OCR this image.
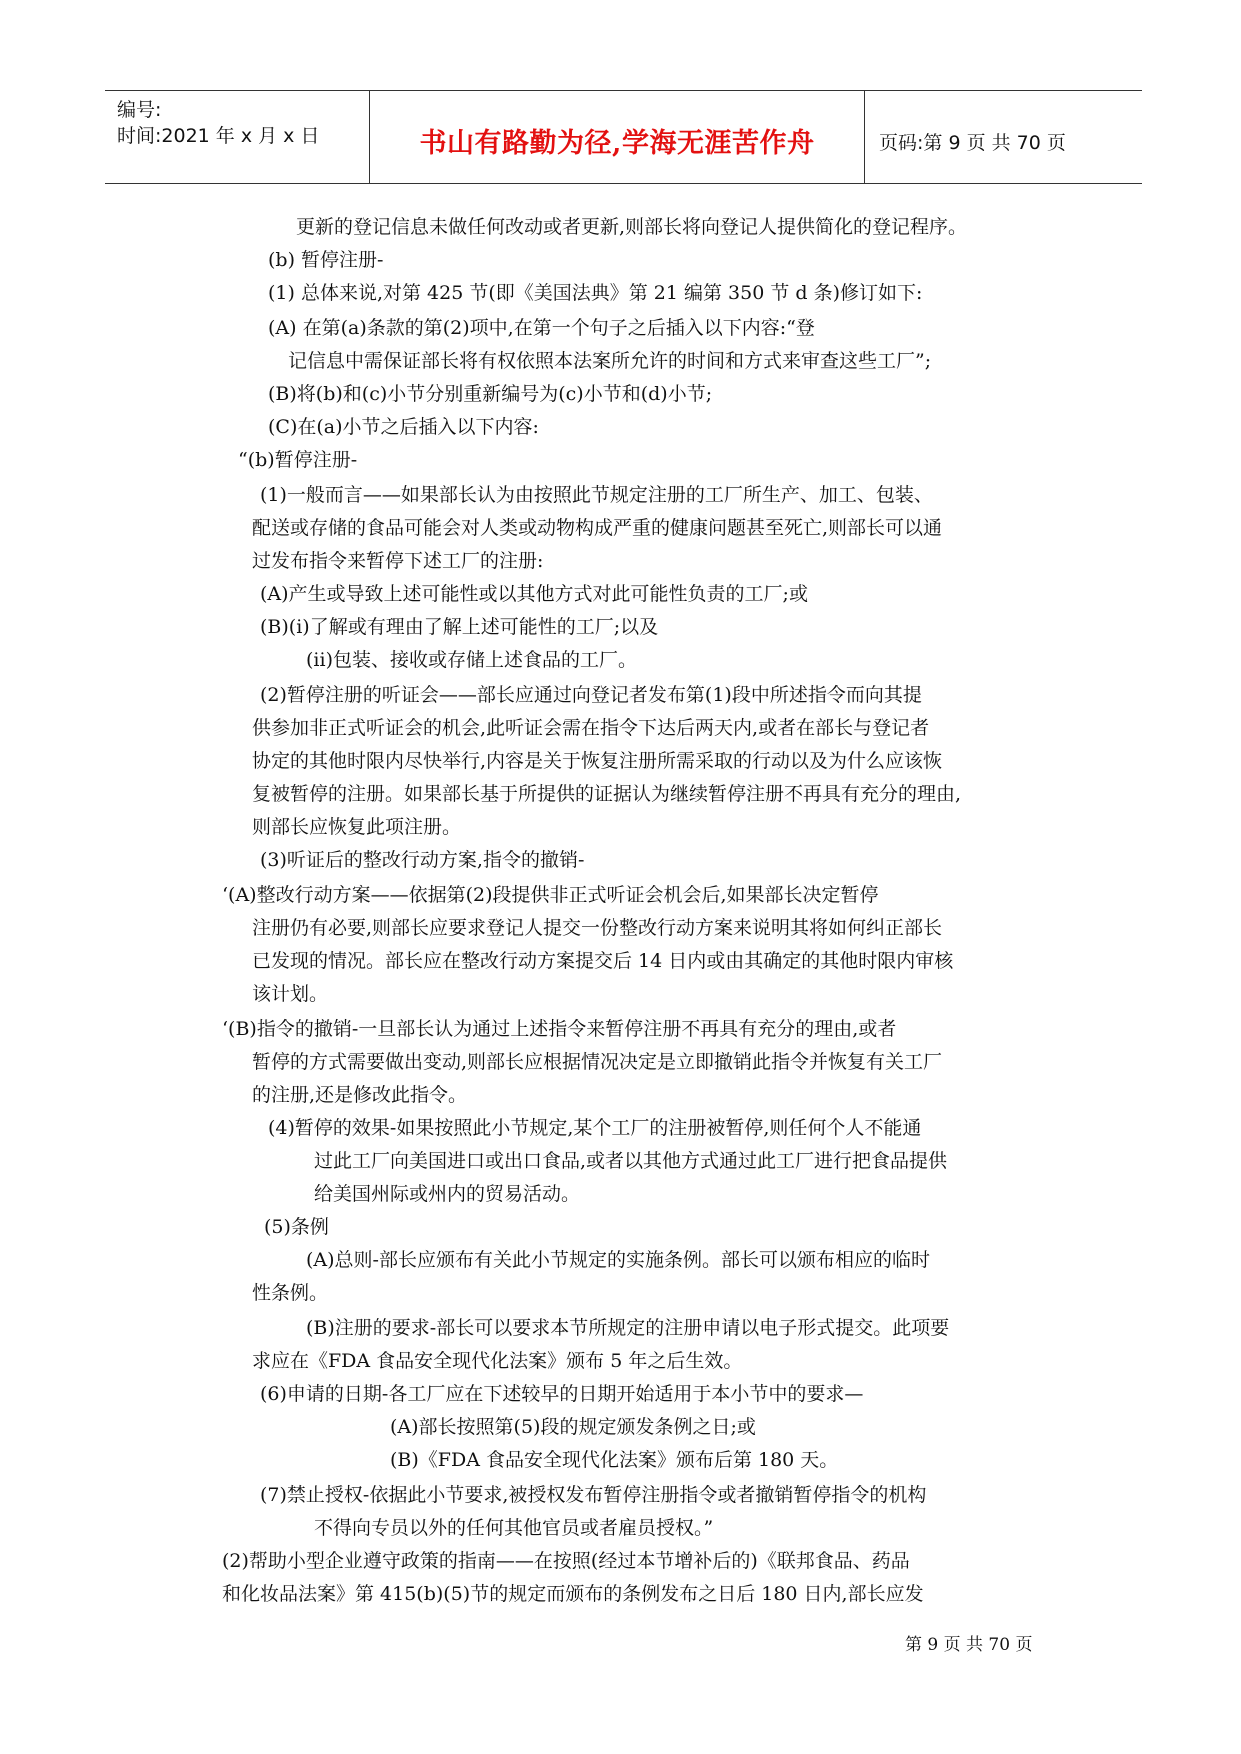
编号:
时间:2021 年 x 月 x 日	书山有路勤为径,学海无涯苦作舟	页码:第 9 页 共 70 页
更新的登记信息未做任何改动或者更新,则部长将向登记人提供简化的登记程序。
(b) 暂停注册-
(1) 总体来说,对第 425 节(即《美国法典》第 21 编第 350 节 d 条)修订如下:
(A) 在第(a)条款的第(2)项中,在第一个句子之后插入以下内容:“登
记信息中需保证部长将有权依照本法案所允许的时间和方式来审查这些工厂”;
(B)将(b)和(c)小节分别重新编号为(c)小节和(d)小节;
(C)在(a)小节之后插入以下内容:
“(b)暂停注册-
(1)一般而言——如果部长认为由按照此节规定注册的工厂所生产、加工、包装、
配送或存储的食品可能会对人类或动物构成严重的健康问题甚至死亡,则部长可以通
过发布指令来暂停下述工厂的注册:
(A)产生或导致上述可能性或以其他方式对此可能性负责的工厂;或
(B)(i)了解或有理由了解上述可能性的工厂;以及
(ii)包装、接收或存储上述食品的工厂。
(2)暂停注册的听证会——部长应通过向登记者发布第(1)段中所述指令而向其提
供参加非正式听证会的机会,此听证会需在指令下达后两天内,或者在部长与登记者
协定的其他时限内尽快举行,内容是关于恢复注册所需采取的行动以及为什么应该恢
复被暂停的注册。如果部长基于所提供的证据认为继续暂停注册不再具有充分的理由,
则部长应恢复此项注册。
(3)听证后的整改行动方案,指令的撤销-
‘(A)整改行动方案——依据第(2)段提供非正式听证会机会后,如果部长决定暂停
注册仍有必要,则部长应要求登记人提交一份整改行动方案来说明其将如何纠正部长
已发现的情况。部长应在整改行动方案提交后 14 日内或由其确定的其他时限内审核
该计划。
‘(B)指令的撤销-一旦部长认为通过上述指令来暂停注册不再具有充分的理由,或者
暂停的方式需要做出变动,则部长应根据情况决定是立即撤销此指令并恢复有关工厂
的注册,还是修改此指令。
(4)暂停的效果-如果按照此小节规定,某个工厂的注册被暂停,则任何个人不能通
过此工厂向美国进口或出口食品,或者以其他方式通过此工厂进行把食品提供
给美国州际或州内的贸易活动。
(5)条例
(A)总则-部长应颁布有关此小节规定的实施条例。部长可以颁布相应的临时
性条例。
(B)注册的要求-部长可以要求本节所规定的注册申请以电子形式提交。此项要
求应在《FDA 食品安全现代化法案》颁布 5 年之后生效。
(6)申请的日期-各工厂应在下述较早的日期开始适用于本小节中的要求—
(A)部长按照第(5)段的规定颁发条例之日;或
(B)《FDA 食品安全现代化法案》颁布后第 180 天。
(7)禁止授权-依据此小节要求,被授权发布暂停注册指令或者撤销暂停指令的机构
不得向专员以外的任何其他官员或者雇员授权。”
(2)帮助小型企业遵守政策的指南——在按照(经过本节增补后的)《联邦食品、药品
和化妆品法案》第 415(b)(5)节的规定而颁布的条例发布之日后 180 日内,部长应发
第 9 页 共 70 页
